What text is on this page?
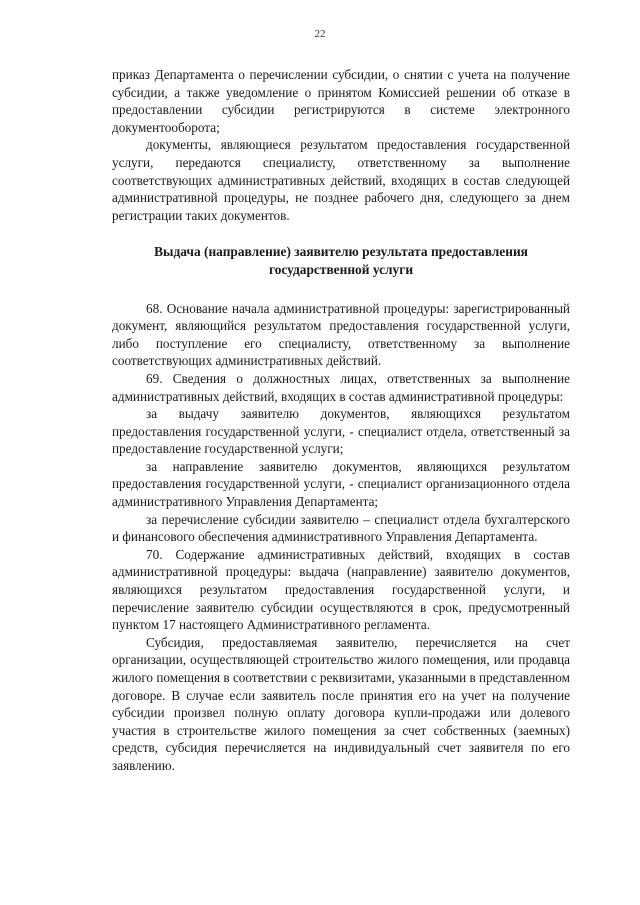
22

приказ Департамента о перечислении субсидии, о снятии с учета на получение субсидии, а также уведомление о принятом Комиссией решении об отказе в предоставлении субсидии регистрируются в системе электронного документооборота;

документы, являющиеся результатом предоставления государственной услуги, передаются специалисту, ответственному за выполнение соответствующих административных действий, входящих в состав следующей административной процедуры, не позднее рабочего дня, следующего за днем регистрации таких документов.

Выдача (направление) заявителю результата предоставления
государственной услуги

68. Основание начала административной процедуры: зарегистрированный документ, являющийся результатом предоставления государственной услуги, либо поступление его специалисту, ответственному за выполнение соответствующих административных действий.

69. Сведения о должностных лицах, ответственных за выполнение административных действий, входящих в состав административной процедуры:

за выдачу заявителю документов, являющихся результатом предоставления государственной услуги, - специалист отдела, ответственный за предоставление государственной услуги;

за направление заявителю документов, являющихся результатом предоставления государственной услуги, - специалист организационного отдела административного Управления Департамента;

за перечисление субсидии заявителю – специалист отдела бухгалтерского и финансового обеспечения административного Управления Департамента.

70. Содержание административных действий, входящих в состав административной процедуры: выдача (направление) заявителю документов, являющихся результатом предоставления государственной услуги, и перечисление заявителю субсидии осуществляются в срок, предусмотренный пунктом 17 настоящего Административного регламента.

Субсидия, предоставляемая заявителю, перечисляется на счет организации, осуществляющей строительство жилого помещения, или продавца жилого помещения в соответствии с реквизитами, указанными в представленном договоре. В случае если заявитель после принятия его на учет на получение субсидии произвел полную оплату договора купли-продажи или долевого участия в строительстве жилого помещения за счет собственных (заемных) средств, субсидия перечисляется на индивидуальный счет заявителя по его заявлению.
